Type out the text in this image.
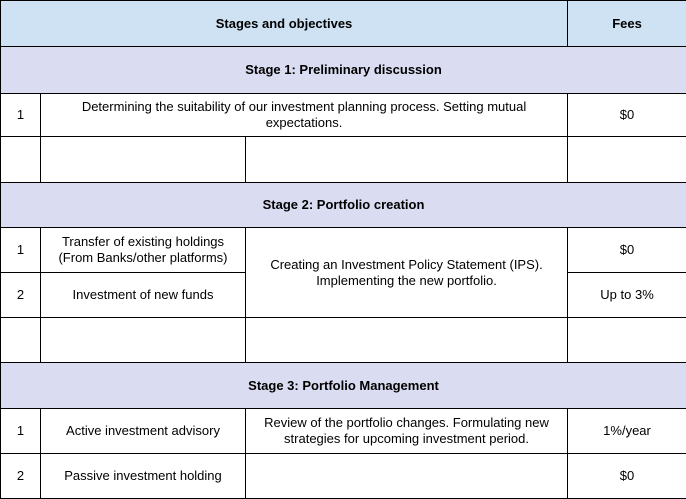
Stages and objectives			Fees
Stage 1: Preliminary discussion			
1	Determining the suitability of our investment planning process. Setting mutual expectations.		$0

Stage 2: Portfolio creation			
1	Transfer of existing holdings (From Banks/other platforms)	Creating an Investment Policy Statement (IPS). Implementing the new portfolio.	$0
2	Investment of new funds		Up to 3%

Stage 3: Portfolio Management			
1	Active investment advisory	Review of the portfolio changes. Formulating new strategies for upcoming investment period.	1%/year
2	Passive investment holding		$0
